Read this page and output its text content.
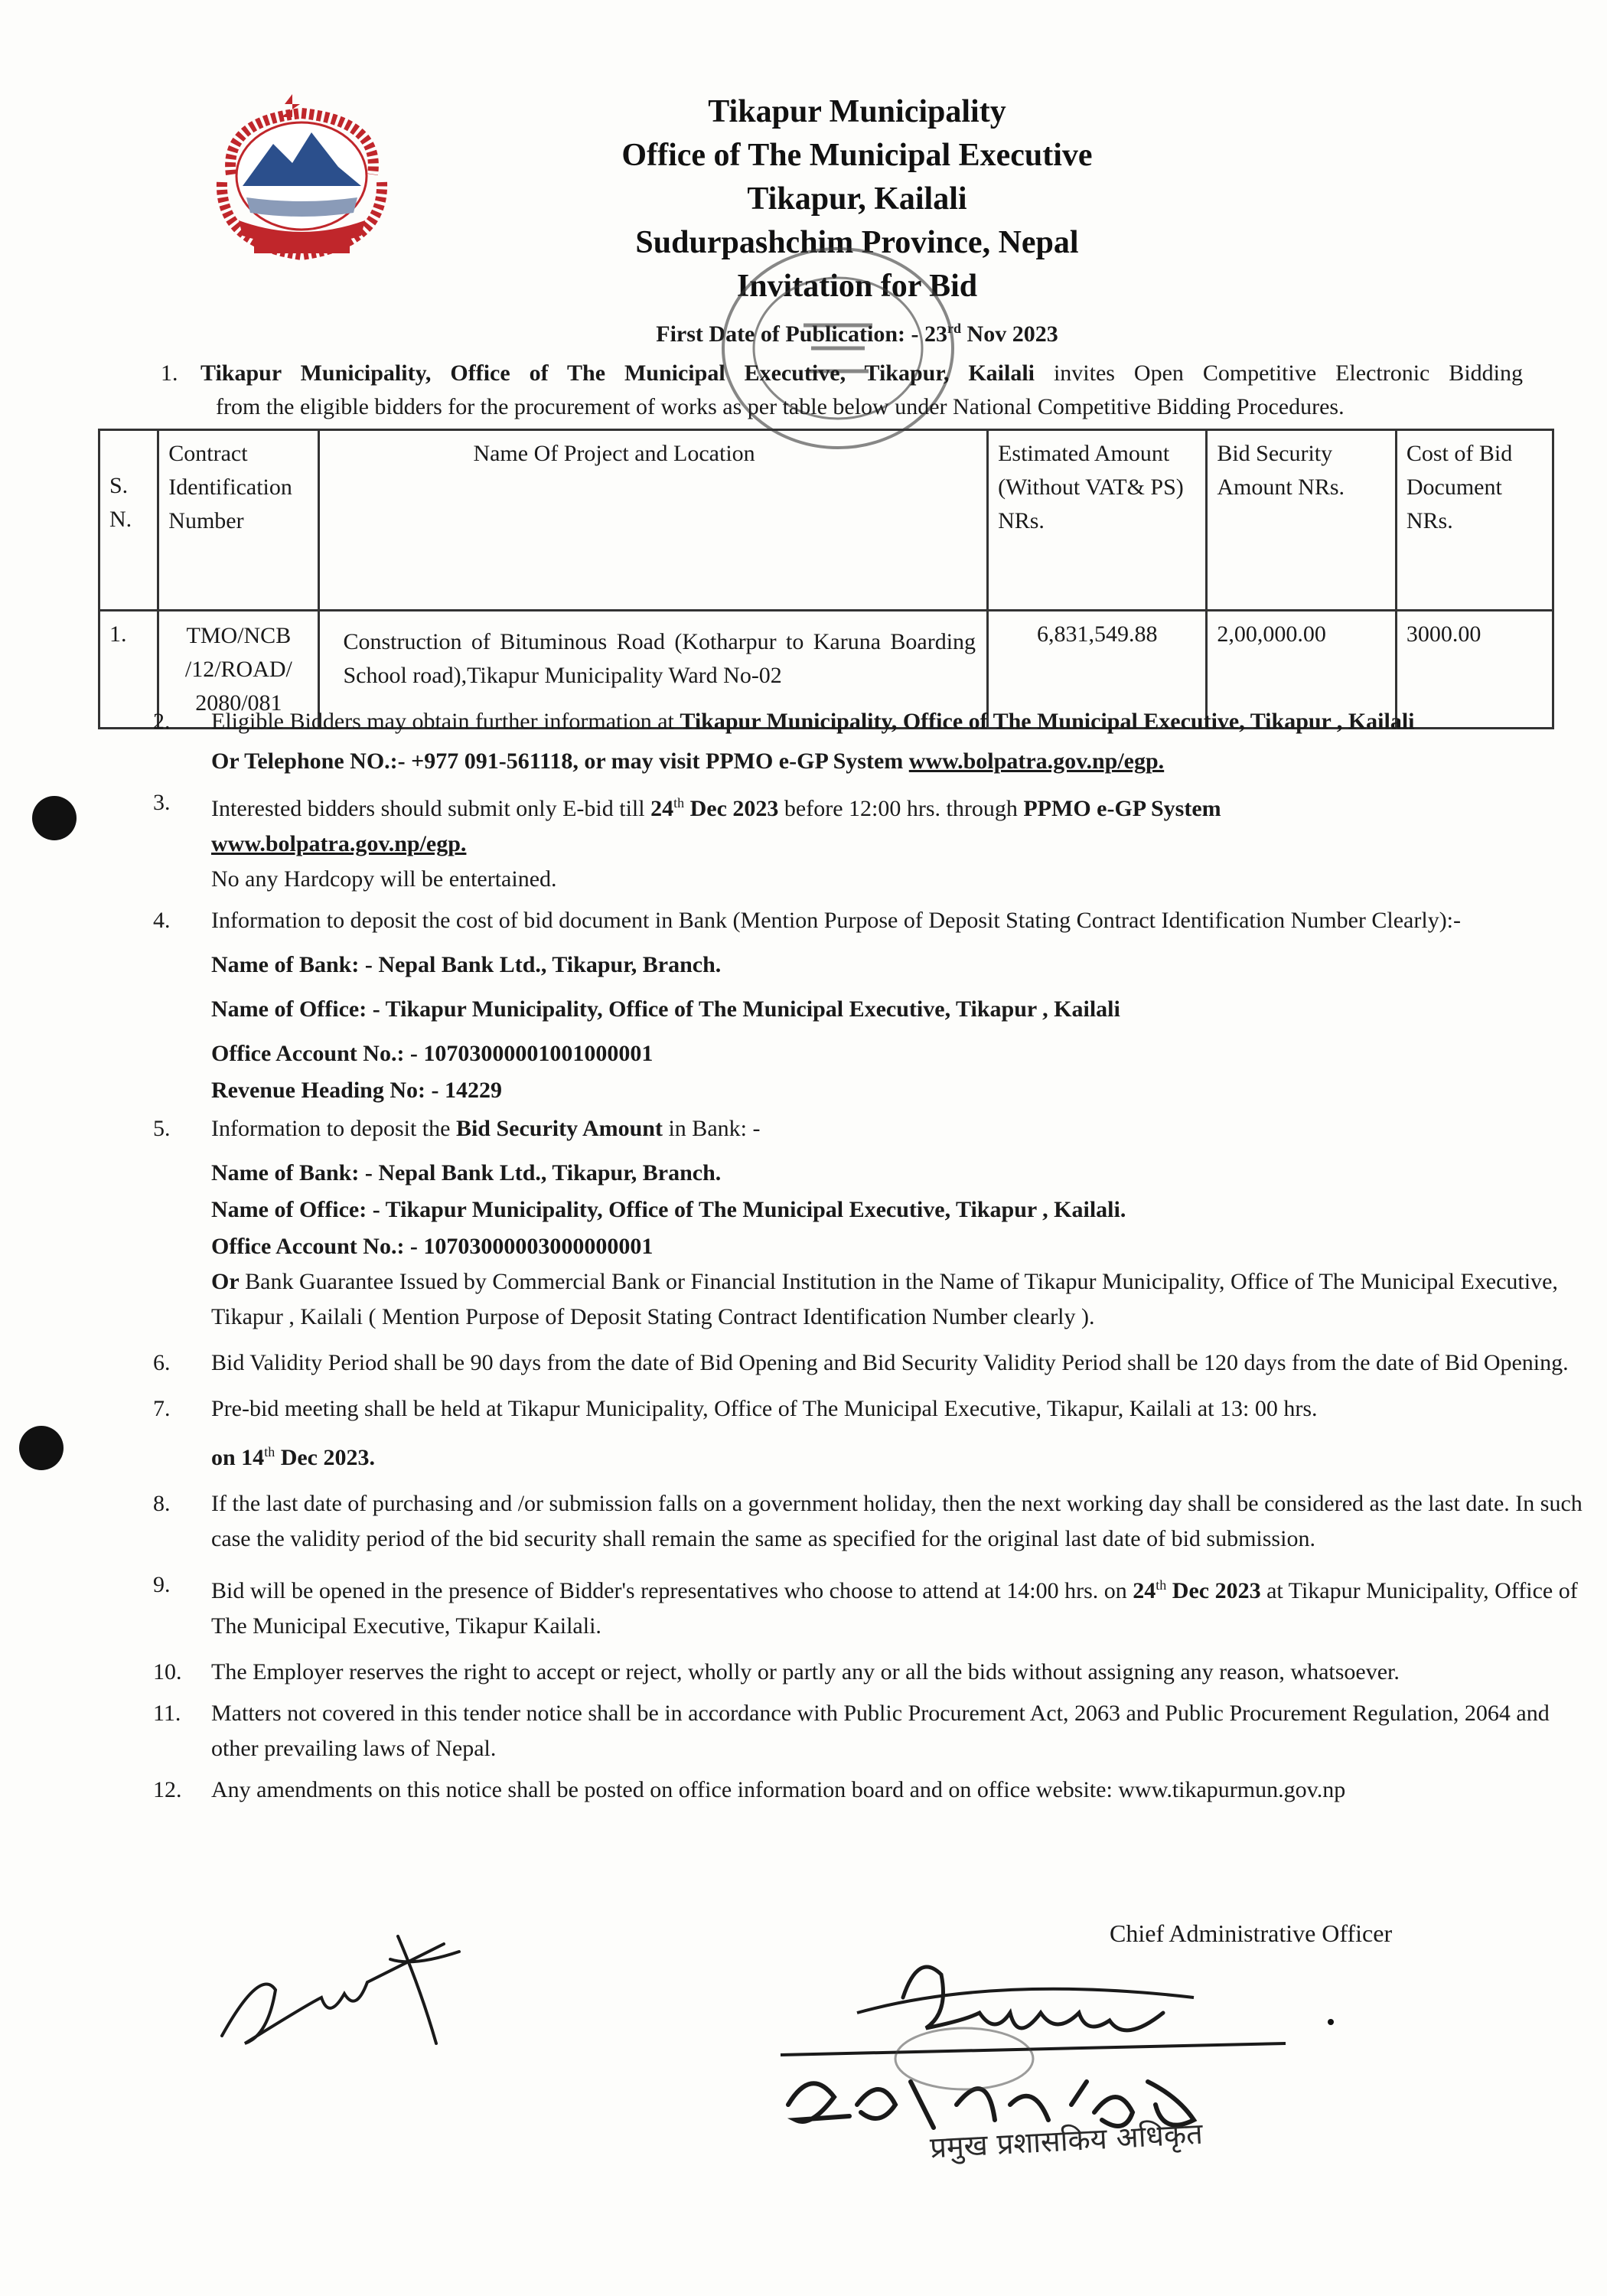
Tikapur Municipality
Office of The Municipal Executive
Tikapur, Kailali
Sudurpashchim Province, Nepal
Invitation for Bid
First Date of Publication: - 23rd Nov 2023
1. Tikapur Municipality, Office of The Municipal Executive, Tikapur, Kailali invites Open Competitive Electronic Bidding
from the eligible bidders for the procurement of works as per table below under National Competitive Bidding Procedures.
S. N.	Contract Identification Number	Name Of Project and Location	Estimated Amount (Without VAT& PS) NRs.	Bid Security Amount NRs.	Cost of Bid Document NRs.
1.	TMO/NCB /12/ROAD/ 2080/081	Construction of Bituminous Road (Kotharpur to Karuna Boarding School road),Tikapur Municipality Ward No-02	6,831,549.88	2,00,000.00	3000.00
2. Eligible Bidders may obtain further information at Tikapur Municipality, Office of The Municipal Executive, Tikapur , Kailali
Or Telephone NO.:- +977 091-561118, or may visit PPMO e-GP System www.bolpatra.gov.np/egp.
3. Interested bidders should submit only E-bid till 24th Dec 2023 before 12:00 hrs. through PPMO e-GP System
www.bolpatra.gov.np/egp.
No any Hardcopy will be entertained.
4. Information to deposit the cost of bid document in Bank (Mention Purpose of Deposit Stating Contract Identification Number Clearly):-
Name of Bank: - Nepal Bank Ltd., Tikapur, Branch.
Name of Office: - Tikapur Municipality, Office of The Municipal Executive, Tikapur , Kailali
Office Account No.: - 10703000001001000001
Revenue Heading No: - 14229
5. Information to deposit the Bid Security Amount in Bank: -
Name of Bank: - Nepal Bank Ltd., Tikapur, Branch.
Name of Office: - Tikapur Municipality, Office of The Municipal Executive, Tikapur , Kailali.
Office Account No.: - 10703000003000000001
Or Bank Guarantee Issued by Commercial Bank or Financial Institution in the Name of Tikapur Municipality, Office of The Municipal Executive, Tikapur , Kailali ( Mention Purpose of Deposit Stating Contract Identification Number clearly ).
6. Bid Validity Period shall be 90 days from the date of Bid Opening and Bid Security Validity Period shall be 120 days from the date of Bid Opening.
7. Pre-bid meeting shall be held at Tikapur Municipality, Office of The Municipal Executive, Tikapur, Kailali at 13: 00 hrs.
on 14th Dec 2023.
8. If the last date of purchasing and /or submission falls on a government holiday, then the next working day shall be considered as the last date. In such case the validity period of the bid security shall remain the same as specified for the original last date of bid submission.
9. Bid will be opened in the presence of Bidder's representatives who choose to attend at 14:00 hrs. on 24th Dec 2023 at Tikapur Municipality, Office of The Municipal Executive, Tikapur Kailali.
10. The Employer reserves the right to accept or reject, wholly or partly any or all the bids without assigning any reason, whatsoever.
11. Matters not covered in this tender notice shall be in accordance with Public Procurement Act, 2063 and Public Procurement Regulation, 2064 and other prevailing laws of Nepal.
12. Any amendments on this notice shall be posted on office information board and on office website: www.tikapurmun.gov.np
Chief Administrative Officer
प्रमुख प्रशासकिय अधिकृत
